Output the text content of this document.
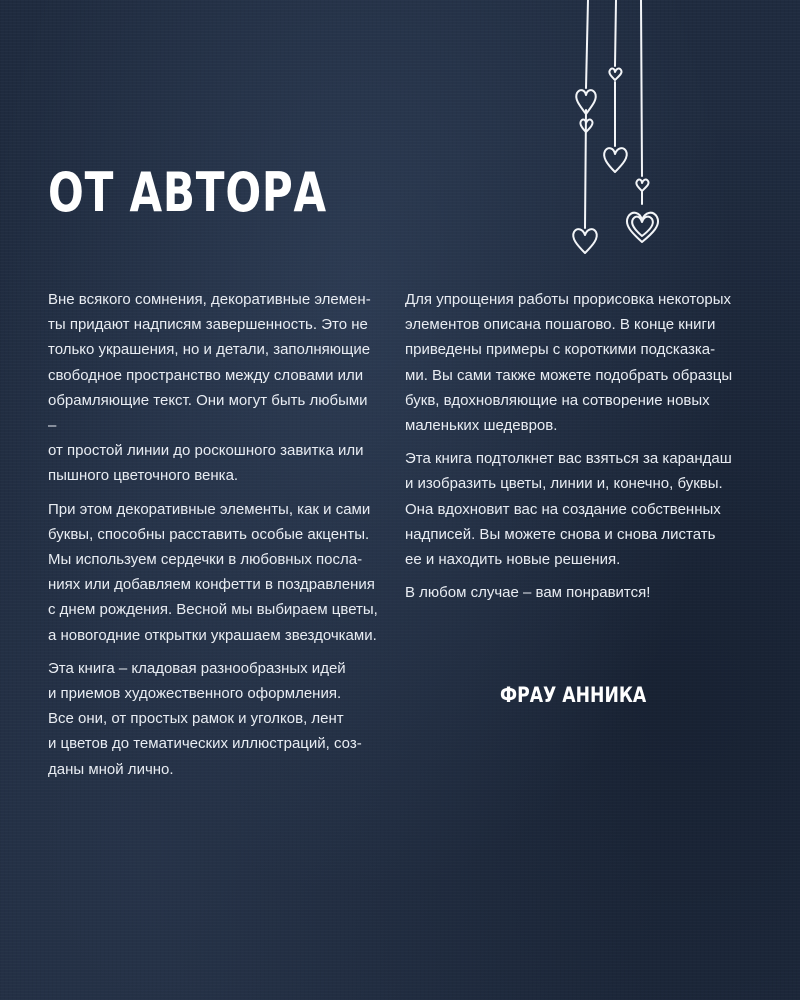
ОТ АВТОРА

Вне всякого сомнения, декоративные элемен-
ты придают надписям завершенность. Это не
только украшения, но и детали, заполняющие
свободное пространство между словами или
обрамляющие текст. Они могут быть любыми –
от простой линии до роскошного завитка или
пышного цветочного венка.

При этом декоративные элементы, как и сами
буквы, способны расставить особые акценты.
Мы используем сердечки в любовных посла-
ниях или добавляем конфетти в поздравления
с днем рождения. Весной мы выбираем цветы,
а новогодние открытки украшаем звездочками.

Эта книга – кладовая разнообразных идей
и приемов художественного оформления.
Все они, от простых рамок и уголков, лент
и цветов до тематических иллюстраций, соз-
даны мной лично.

Для упрощения работы прорисовка некоторых
элементов описана пошагово. В конце книги
приведены примеры с короткими подсказка-
ми. Вы сами также можете подобрать образцы
букв, вдохновляющие на сотворение новых
маленьких шедевров.

Эта книга подтолкнет вас взяться за карандаш
и изобразить цветы, линии и, конечно, буквы.
Она вдохновит вас на создание собственных
надписей. Вы можете снова и снова листать
ее и находить новые решения.

В любом случае – вам понравится!

ФРАУ АННИКА
